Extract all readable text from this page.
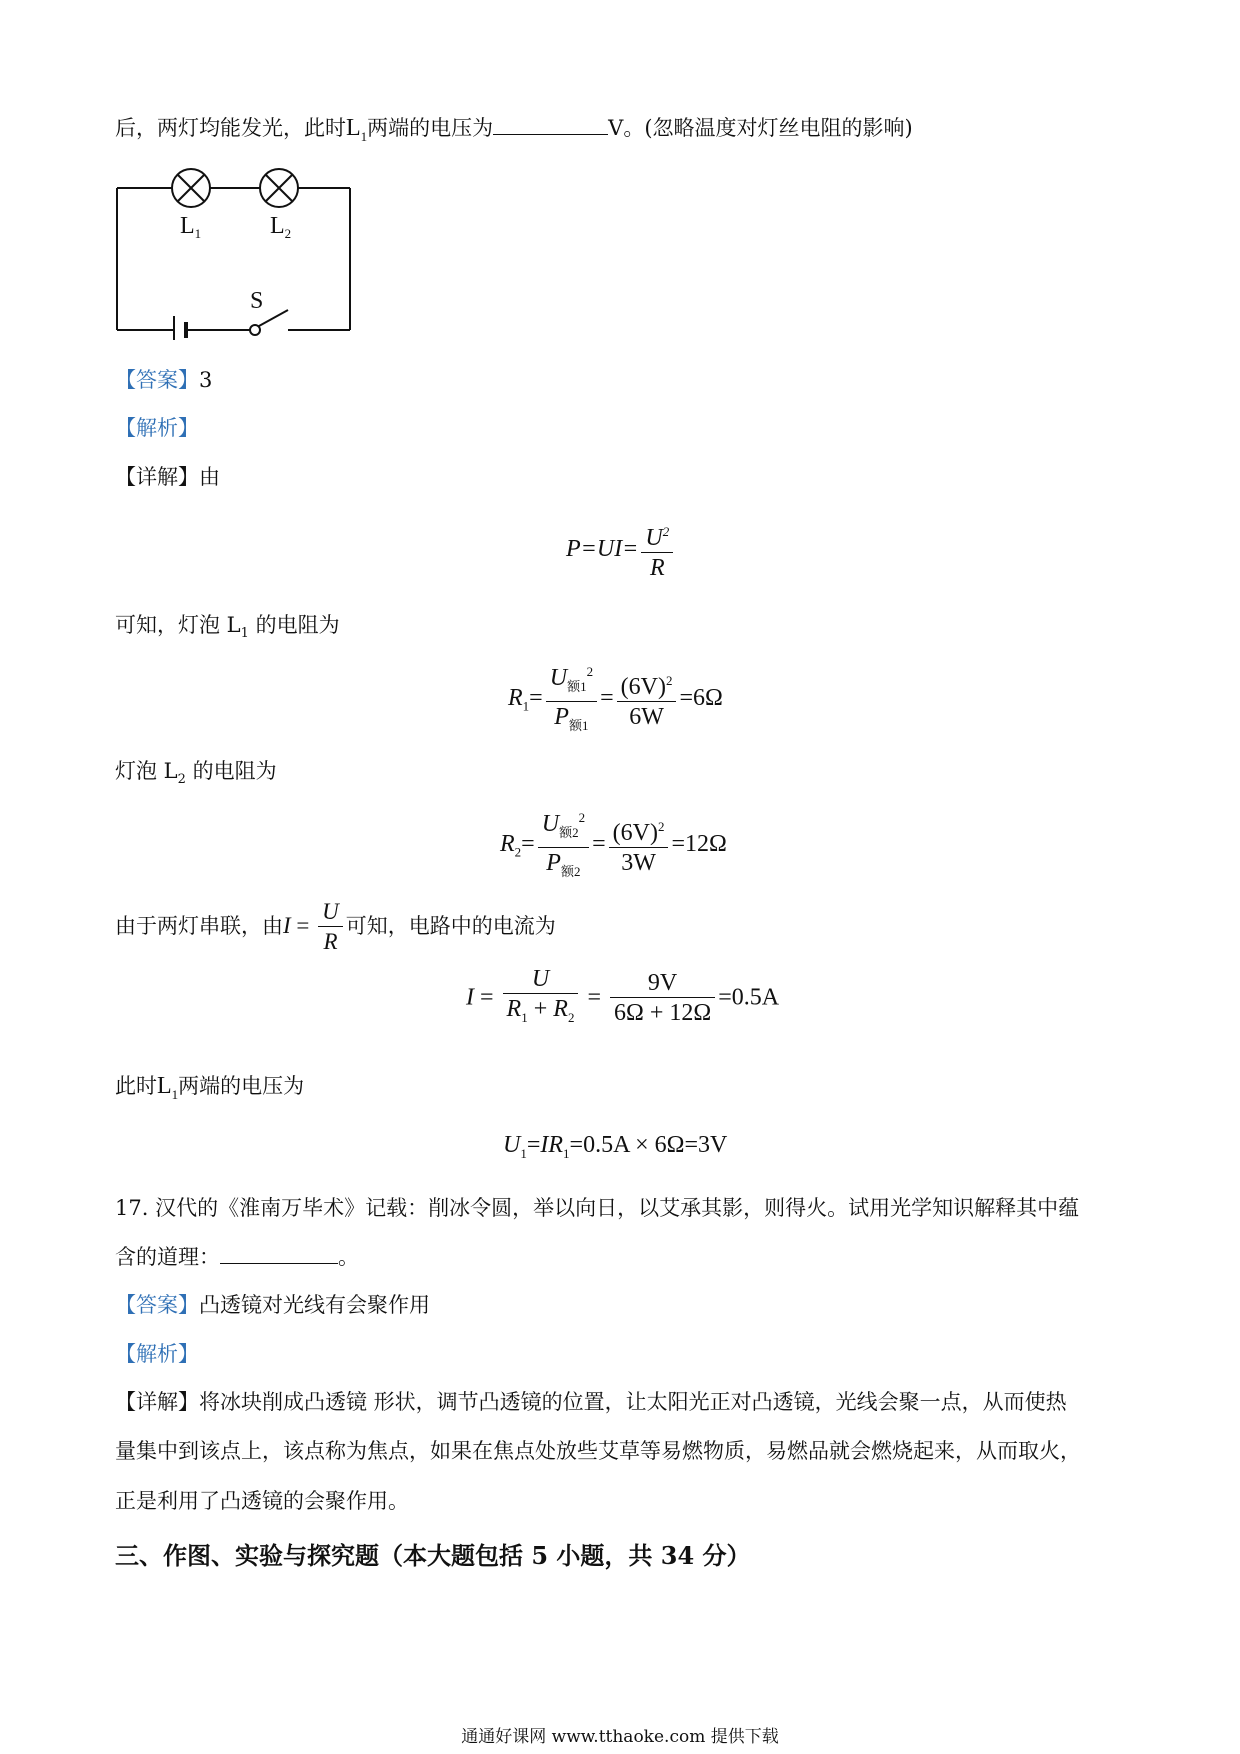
后，两灯均能发光，此时$L_1$两端的电压为	V。(忽略温度对灯丝电阻的影响)
$L_1$	$L_2$
S
【答案】3
【解析】
【详解】由
$P=UI= \frac{U^2}{R}$
可知，灯泡 $L_1$ 的电阻为
$R_1= \frac{U_{额1}^2}{P_{额1}} = \frac{(6V)^2}{6W} =6\Omega$
灯泡 $L_2$ 的电阻为
$R_2= \frac{U_{额2}^2}{P_{额2}} = \frac{(6V)^2}{3W} =12\Omega$
由于两灯串联，由$I = \frac{U}{R}$ 可知，电路中的电流为
$I = \frac{U}{R_1 + R_2} = \frac{9V}{6\Omega + 12\Omega} =0.5A$
此时$L_1$两端的电压为
$U_1=IR_1=0.5A \times 6\Omega=3V$
17. 汉代的《淮南万毕术》记载：削冰令圆，举以向日，以艾承其影，则得火。试用光学知识解释其中蕴
含的道理：	。
【答案】凸透镜对光线有会聚作用
【解析】
【详解】将冰块削成凸透镜 形状，调节凸透镜的位置，让太阳光正对凸透镜，光线会聚一点，从而使热
量集中到该点上，该点称为焦点，如果在焦点处放些艾草等易燃物质，易燃品就会燃烧起来，从而取火，
正是利用了凸透镜的会聚作用。
三、作图、实验与探究题（本大题包括 5 小题，共 34 分）
通通好课网 www.tthaoke.com 提供下载
